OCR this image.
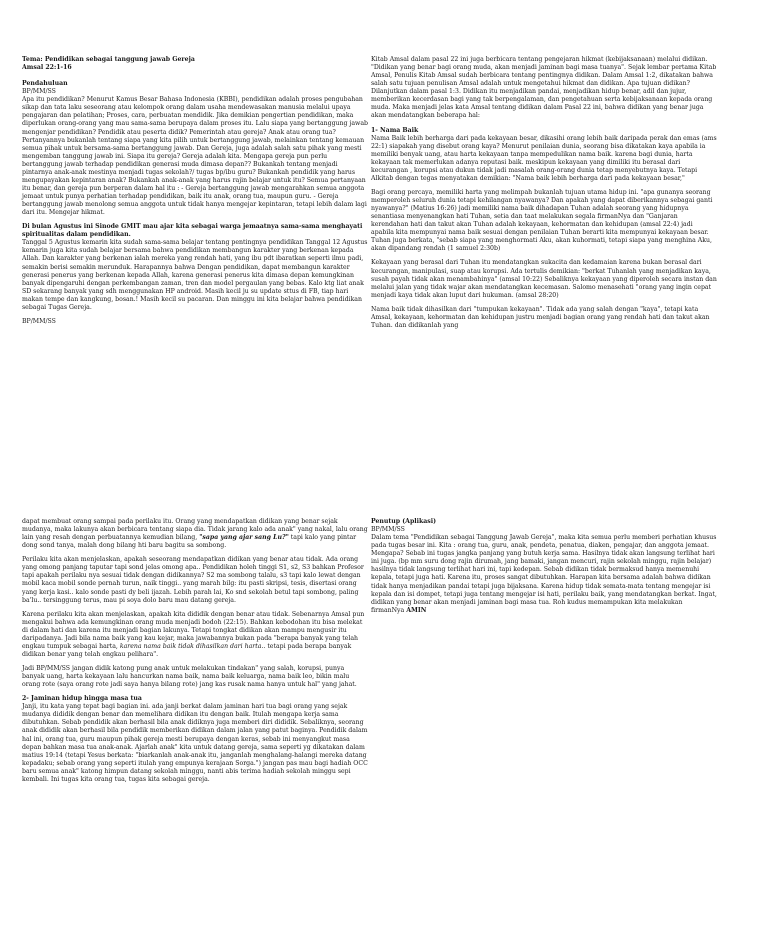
Tema: Pendidikan sebagai tanggung jawab Gereja
Amsal 22:1-16
Pendahuluan
BP/MM/SS

Apa itu pendidikan? Menurut Kamus Besar Bahasa Indonesia (KBBI), pendidikan adalah proses pengubahan sikap dan tata laku seseorang atau kelompok orang dalam usaha mendewasakan manusia melalui upaya pengajaran dan pelatihan; Proses, cara, perbuatan mendidik. Jika demikian pengertian pendidikan, maka diperlukan orang-orang yang mau sama-sama berupaya dalam proses itu. Lalu siapa yang bertanggung jawab mengenjar pendidikan? Pendidik atau peserta didik? Pemerintah atau gereja? Anak atau orang tua? Pertanyannya bukanlah tentang siapa yang kita pilih untuk bertanggung jawab, melainkan tentang kemauan semua pihak untuk bersama-sama bertanggung jawab. Dan Gereja, juga adalah salah satu pihak yang mesti mengemban tanggung jawab ini. Siapa itu gereja? Gereja adalah kita. Mengapa gereja pun perlu bertanggung jawab terhadap pendidikan generasi muda dimasa depan?? Bukankah tentang menjadi pintarnya anak-anak mestinya menjadi tugas sekolah?/ tugas bp/ibu guru? Bukankah pendidik yang harus mengupayakan kepintaran anak? Bukankah anak-anak yang harus rajin belajar untuk itu? Semua pertanyaan itu benar, dan gereja pun berperan dalam hal itu : - Gereja bertanggung jawab mengarahkan semua anggota jemaat untuk punya perhatian terhadap pendidikan, baik itu anak, orang tua, maupun guru. - Gereja bertanggung jawab menolong semua anggota untuk tidak hanya mengejar kepintaran, tetapi lebih dalam lagi dari itu. Mengejar hikmat.

Di bulan Agustus ini Sinode GMIT mau ajar kita sebagai warga jemaatnya sama-sama menghayati spiritualitas dalam pendidikan.

Tanggal 5 Agustus kemarin kita sudah sama-sama belajar tentang pentingnya pendidikan Tanggal 12 Agustus kemarin juga kita sudah belajar bersama bahwa pendidikan membangun karakter yang berkenan kepada Allah. Dan karakter yang berkenan ialah mereka yang rendah hati, yang ibu pdt ibaratkan seperti ilmu padi, semakin berisi semakin merunduk. Harapannya bahwa Dengan pendidikan, dapat membangun karakter generasi penerus yang berkenan kepada Allah, karena generasi penerus kita dimasa depan kemungkinan banyak dipengaruhi dengan perkembangan zaman, tren dan model pergaulan yang bebas. Kalo ktg liat anak SD sekarang banyak yang sdh menggunakan HP android. Masih kecil ju su update sttus di FB, tiap hari makan tempe dan kangkung, bosan.! Masih kecil su pacaran. Dan minggu ini kita belajar bahwa pendidikan sebagai Tugas Gereja.

BP/MM/SS

Kitab Amsal dalam pasal 22 ini juga berbicara tentang pengejaran hikmat (kebijaksanaan) melalui didikan. "Didikan yang benar bagi orang muda, akan menjadi jaminan bagi masa tuanya". Sejak lembar pertama Kitab Amsal, Penulis Kitab Amsal sudah berbicara tentang pentingnya didikan. Dalam Amsal 1:2, dikatakan bahwa salah satu tujuan penulisan Amsal adalah untuk mengetahui hikmat dan didikan. Apa tujuan didikan? Dilanjutkan dalam pasal 1:3. Didikan itu menjadikan pandai, menjadikan hidup benar, adil dan jujur, memberikan kecerdasan bagi yang tak berpengalaman, dan pengetahuan serta kebijaksanaan kepada orang muda. Maka menjadi jelas kata Amsal tentang didikan dalam Pasal 22 ini, bahwa didikan yang benar juga akan mendatangkan beberapa hal:

1- Nama Baik

Nama Baik lebih berharga dari pada kekayaan besar, dikasihi orang lebih baik daripada perak dan emas (ams 22:1) siapakah yang disebut orang kaya? Menurut penilaian dunia, seorang bisa dikatakan kaya apabila ia memiliki benyak uang, atau harta kekayaan tanpa mempedulikan nama baik. karena bagi dunia, harta kekayaan tak memerlukan adanya reputasi baik. meskipun kekayaan yang dimiliki itu berasal dari kecurangan , korupsi atau dukun tidak jadi masalah orang-orang dunia tetap menyebutnya kaya. Tetapi Alkitab dengan tegas menyatakan demikian: "Nama baik lebih berharga dari pada kekayaan besar,"

Bagi orang percaya, memiliki harta yang melimpah bukanlah tujuan utama hidup ini. "apa gunanya seorang memperoleh seluruh dunia tetapi kehilangan nyawanya? Dan apakah yang dapat diberikannya sebagai ganti nyawanya?" (Matius 16:26) jadi memiliki nama baik dihadapan Tuhan adalah seorang yang hidupnya senantiasa menyenangkan hati Tuhan, setia dan taat melakukan segala firmanNya dan "Ganjaran kerendahan hati dan takut akan Tuhan adalah kekayaan, kehormatan dan kehidupan (amsal 22:4) jadi apabila kita mempunyai nama baik sesuai dengan penilaian Tuhan berarti kita mempunyai kekayaan besar. Tuhan juga berkata, "sebab siapa yang menghormati Aku, akan kuhormati, tetapi siapa yang menghina Aku, akan dipandang rendah (1 samuel 2:30b)

Kekayaan yang berasal dari Tuhan itu mendatangkan sukacita dan kedamaian karena bukan berasal dari kecurangan, manipulasi, suap atau korupsi. Ada tertulis demikian: "berkat Tuhanlah yang menjadikan kaya, susah payah tidak akan menambahinya" (amsal 10:22) Sebaliknya kekayaan yang diperoleh secara instan dan melalui jalan yang tidak wajar akan mendatangkan kecemasan. Salomo menasehati "orang yang ingin cepat menjadi kaya tidak akan luput dari hukuman. (amsal 28:20)

Nama baik tidak dihasilkan dari "tumpukan kekayaan". Tidak ada yang salah dengan "kaya", tetapi kata Amsal, kekayaan, kehormatan dan kehidupan justru menjadi bagian orang yang rendah hati dan takut akan Tuhan. dan didikanlah yang

dapat membuat orang sampai pada perilaku itu. Orang yang mendapatkan didikan yang benar sejak mudanya, maka lakunya akan berbicara tentang siapa dia. Tidak jarang kalo ada anak" yang nakal, lalu orang lain yang resah dengan perbuatannya kemudian bilang, "sapa yang ajar sang Lu?" tapi kalo yang pintar dong sond tanya, malah dong bilang hti baru bagitu sa sombong.

Perilaku kita akan menjelaskan, apakah seseorang mendapatkan didikan yang benar atau tidak. Ada orang yang omong panjang taputar tapi sond jelas omong apa.. Pendidikan holeh tinggi S1, s2, S3 bahkan Profesor tapi apakah perilaku nya sesuai tidak dengan didikannya? S2 ma sombong talalu, s3 tapi kalo lewat dengan mobil kaca mobil sonde pernah turun, naik tinggi.. yang marah bilg: itu pasti skripsi, tesis, disertasi orang yang kerja kasi.. kalo sonde pasti dy beli ijazah. Lebih parah lai, Ko snd sekolah betul tapi sombong, paling ba'lu.. tersinggung terus, mau pi soya dolo baru mau datang gereja.

Karena perilaku kita akan menjelaskan, apakah kita dididik dengan benar atau tidak. Sebenarnya Amsal pun mengakui bahwa ada kemungkinan orang muda menjadi bodoh (22:15). Bahkan kebodohan itu bisa melekat di dalam hati dan karena itu menjadi bagian lakunya. Tetapi tongkat didikan akan mampu mengusir itu daripadanya. Jadi bila nama baik yang kau kejar, maka jawabannya bukan pada "berapa banyak yang telah engkau tumpuk sebagai harta, karena nama baik tidak dihasilkan dari harta.. tetapi pada berapa banyak didikan benar yang telah engkau pelihara".

Jadi BP/MM/SS jangan didik katong pung anak untuk melakukan tindakan" yang salah, korupsi, punya banyak uang, harta kekayaan lalu hancurkan nama baik, nama baik keluarga, nama baik leo, bikin malu orang rote (saya orang rote jadi saya hanya bilang rote) jang kas rusak nama hanya untuk hal" yang jahat.

2- Jaminan hidup hingga masa tua

Janji, itu kata yang tepat bagi bagian ini. ada janji berkat dalam jaminan hari tua bagi orang yang sejak mudanya dididik dengan benar dan memelihara didikan itu dengan baik. Itulah mengapa kerja sama dibutuhkan. Sebab pendidik akan berhasil bila anak didiknya juga memberi diri dididik. Sebaliknya, seorang anak dididik akan berhasil bila pendidik memberikan didikan dalam jalan yang patut baginya. Pendidik dalam hal ini, orang tua, guru maupun pihak gereja mesti berupaya dengan keras, sebab ini menyangkut masa depan bahkan masa tua anak-anak. Ajarlah anak" kita untuk datang gereja, sama seperti yg dikatakan dalam matius 19:14 (tetapi Yesus berkata: "biarkanlah anak-anak itu, janganlah menghalang-halangi mereka datang kepadaku; sebab orang yang seperti itulah yang empunya kerajaan Sorga.") jangan pas mau bagi hadiah OCC baru semua anak" katong himpun datang sekolah minggu, nanti abis terima hadiah sekolah minggu sepi kembali. Ini tugas kita orang tua, tugas kita sebagai gereja.

Penutup (Aplikasi)
BP/MM/SS

Dalam tema "Pendidikan sebagai Tanggung Jawab Gereja", maka kita semua perlu memberi perhatian khusus pada tugas besar ini. Kita : orang tua, guru, anak, pendeta, penatua, diaken, pengajar, dan anggota jemaat. Mengapa? Sebab ini tugas jangka panjang yang butuh kerja sama. Hasilnya tidak akan langsung terlihat hari ini juga. (bp mm suru dong rajin dirumah, jang bamaki, jangan mencuri, rajin sekolah minggu, rajin belajar) hasilnya tidak langsung terlihat hari ini, tapi kedepan. Sebab didikan tidak bermaksud hanya memenuhi kepala, tetapi juga hati. Karena itu, proses sangat dibutuhkan. Harapan kita bersama adalah bahwa didikan tidak hanya menjadikan pandai tetapi juga bijaksana. Karena hidup tidak semata-mata tentang mengejar isi kepala dan isi dompet, tetapi juga tentang mengejar isi hati, perilaku baik, yang mendatangkan berkat. Ingat, didikan yang benar akan menjadi jaminan bagi masa tua. Roh kudus memampukan kita melakukan firmanNya AMIN
